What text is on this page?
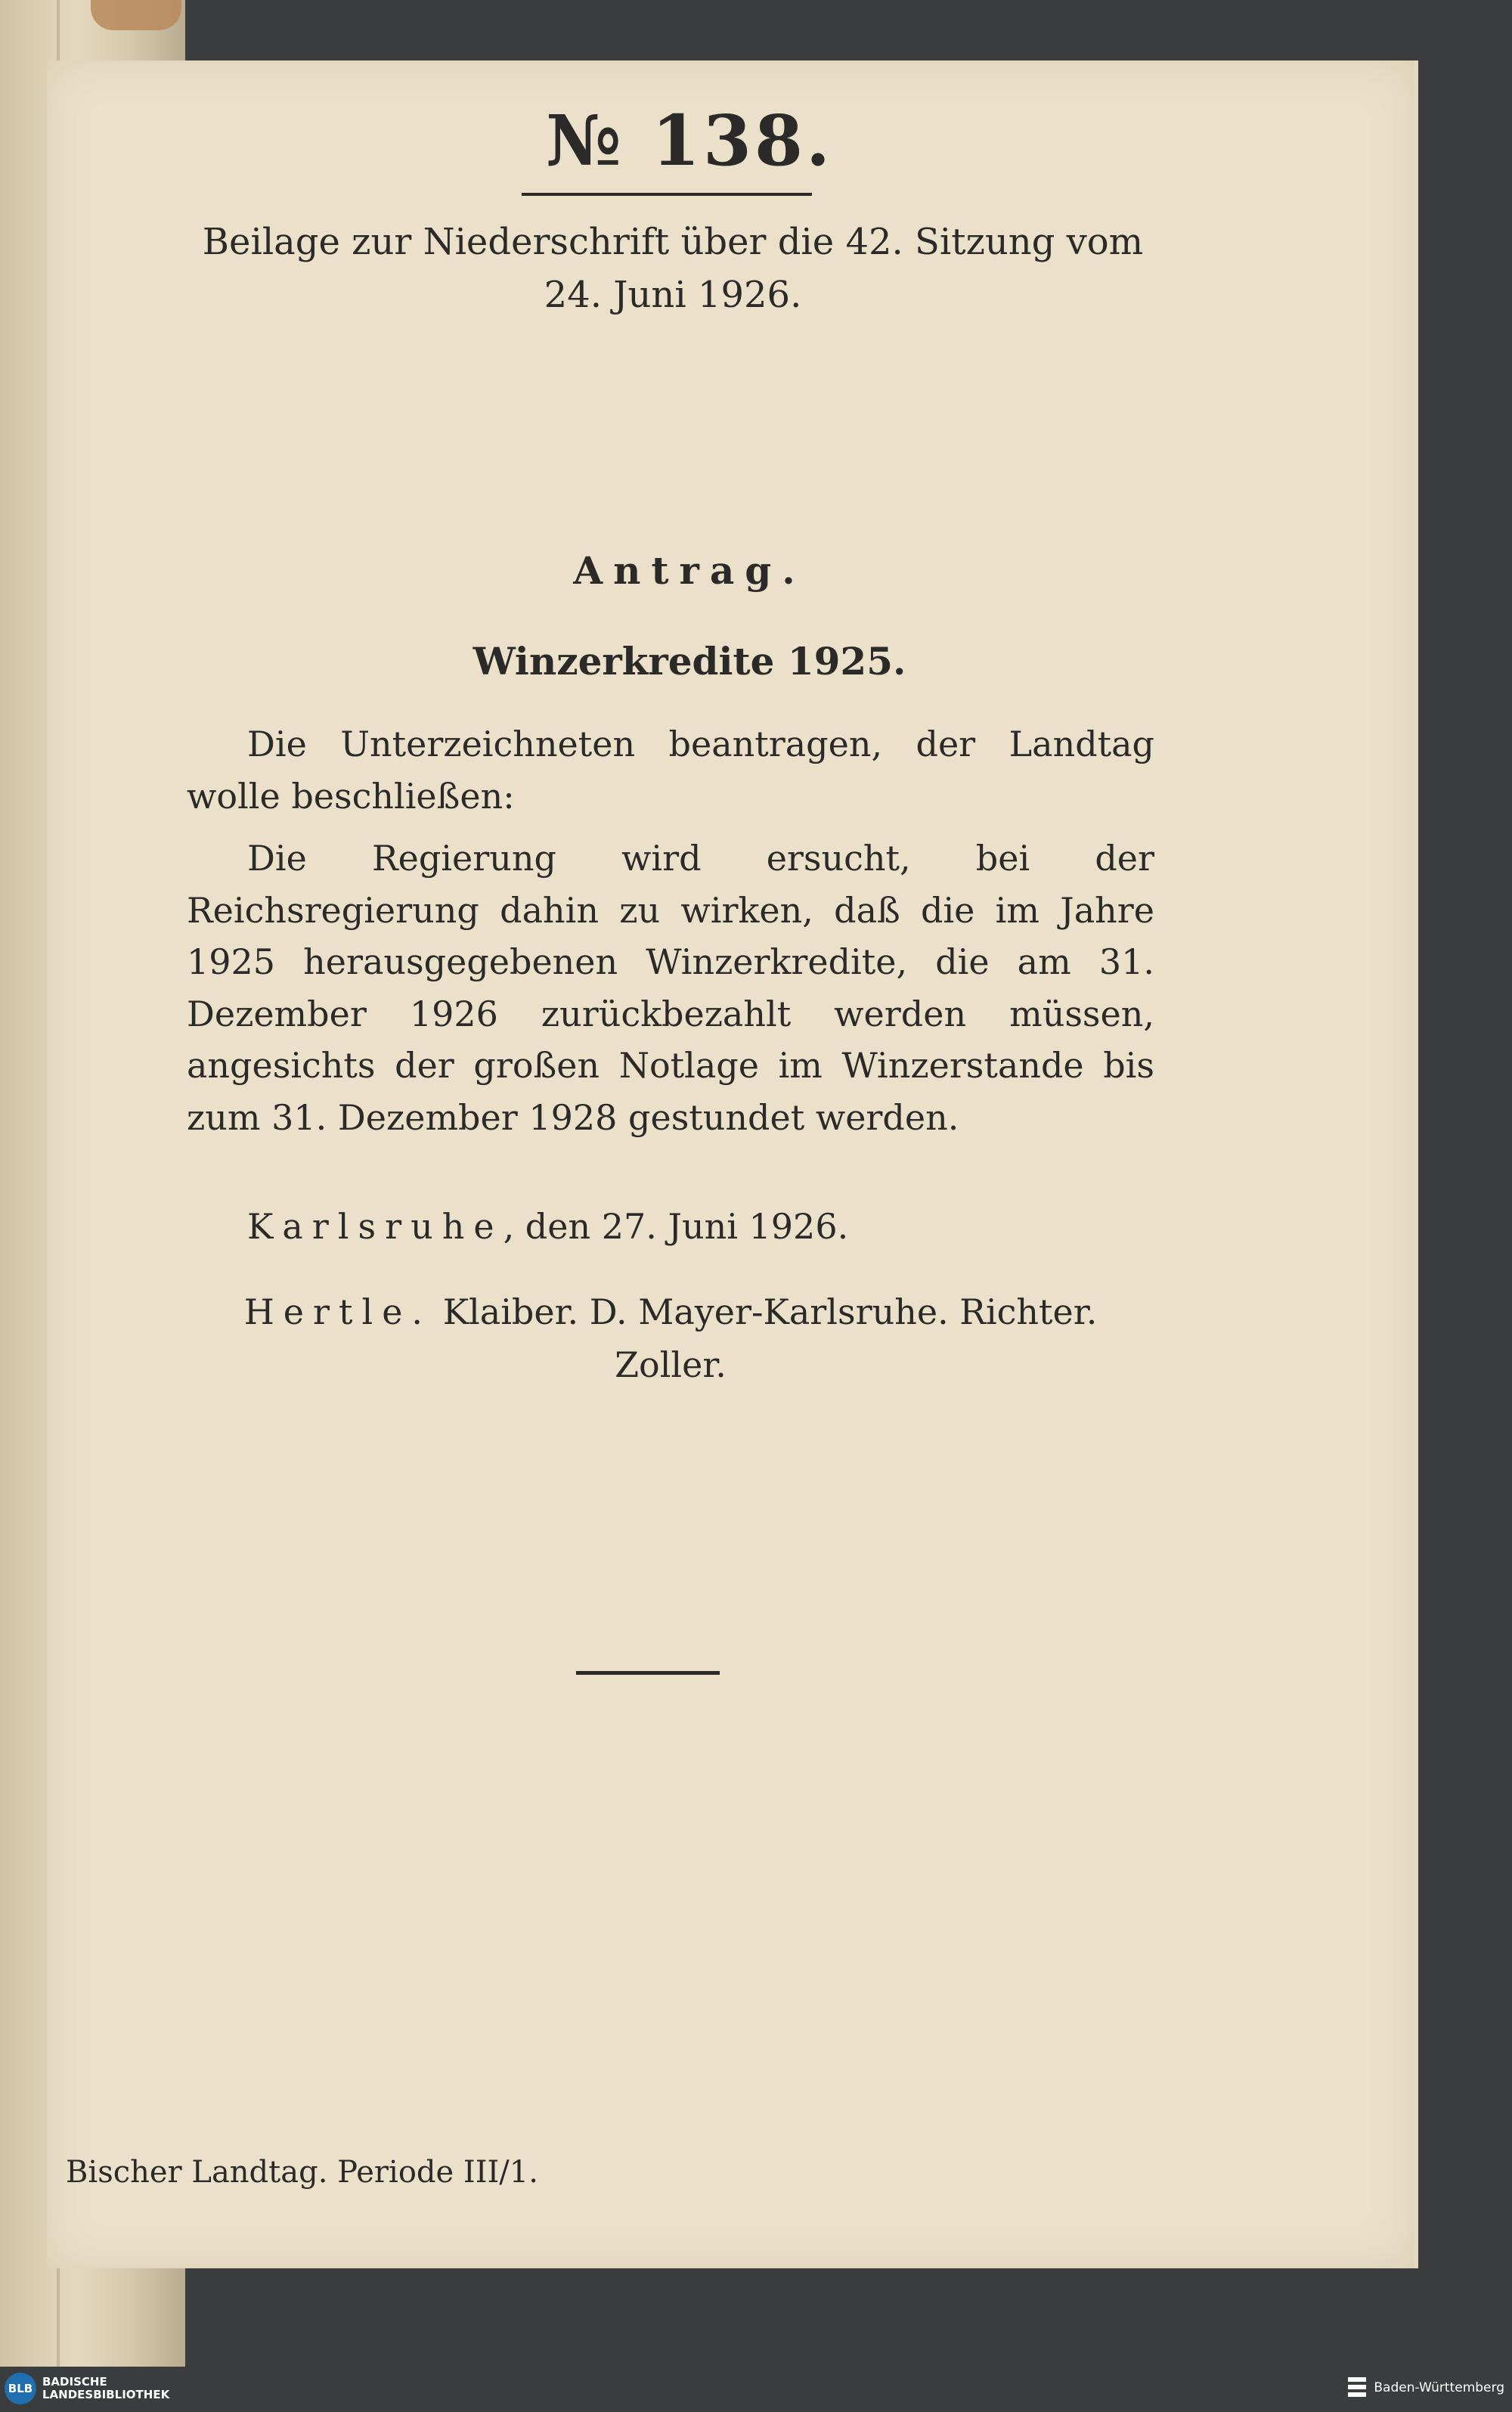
№ 138.
Beilage zur Niederschrift über die 42. Sitzung vom
24. Juni 1926.
Antrag.
Winzerkredite 1925.

Die Unterzeichneten beantragen, der Landtag wolle beschließen:

Die Regierung wird ersucht, bei der Reichsregierung dahin zu wirken, daß die im Jahre 1925 herausgegebenen Winzerkredite, die am 31. Dezember 1926 zurückbezahlt werden müssen, angesichts der großen Notlage im Winzerstande bis zum 31. Dezember 1928 gestundet werden.

Karlsruhe, den 27. Juni 1926.
Hertle. Klaiber. D. Mayer-Karlsruhe. Richter.
Zoller.
Bischer Landtag. Periode III/1.
BLB BADISCHE
LANDESBIBLIOTHEK	Baden-Württemberg
